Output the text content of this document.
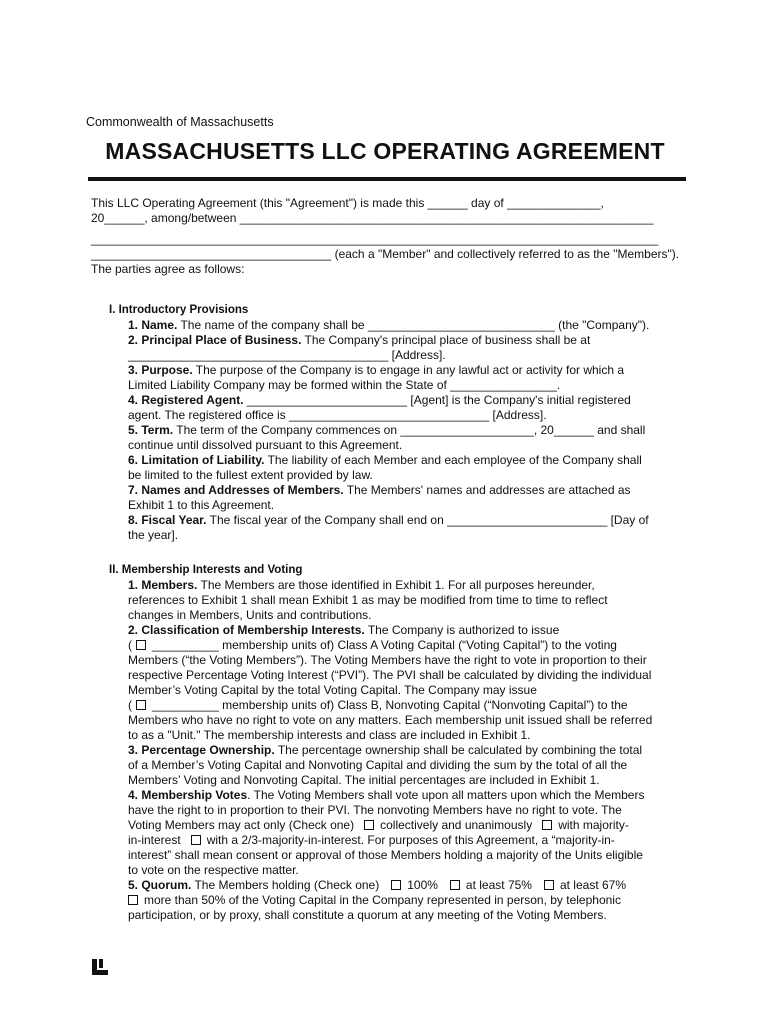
Commonwealth of Massachusetts
MASSACHUSETTS LLC OPERATING AGREEMENT

This LLC Operating Agreement (this "Agreement") is made this ______ day of ______________,

20______, among/between ______________________________________________________________

_____________________________________________________________________________________

____________________________________ (each a "Member" and collectively referred to as the "Members").

The parties agree as follows:

I. Introductory Provisions
1. Name. The name of the company shall be ____________________________ (the "Company").
2. Principal Place of Business. The Company's principal place of business shall be at
_______________________________________ [Address].
3. Purpose. The purpose of the Company is to engage in any lawful act or activity for which a
Limited Liability Company may be formed within the State of ________________.
4. Registered Agent. ________________________ [Agent] is the Company's initial registered
agent. The registered office is ______________________________ [Address].
5. Term. The term of the Company commences on ____________________, 20______ and shall
continue until dissolved pursuant to this Agreement.
6. Limitation of Liability. The liability of each Member and each employee of the Company shall
be limited to the fullest extent provided by law.
7. Names and Addresses of Members. The Members' names and addresses are attached as
Exhibit 1 to this Agreement.
8. Fiscal Year. The fiscal year of the Company shall end on ________________________ [Day of
the year].
II. Membership Interests and Voting
1. Members. The Members are those identified in Exhibit 1. For all purposes hereunder,
references to Exhibit 1 shall mean Exhibit 1 as may be modified from time to time to reflect
changes in Members, Units and contributions.
2. Classification of Membership Interests. The Company is authorized to issue
( __________ membership units of) Class A Voting Capital (“Voting Capital”) to the voting
Members (“the Voting Members”). The Voting Members have the right to vote in proportion to their
respective Percentage Voting Interest (“PVI”). The PVI shall be calculated by dividing the individual
Member’s Voting Capital by the total Voting Capital. The Company may issue
( __________ membership units of) Class B, Nonvoting Capital (“Nonvoting Capital”) to the
Members who have no right to vote on any matters. Each membership unit issued shall be referred
to as a "Unit." The membership interests and class are included in Exhibit 1.
3. Percentage Ownership. The percentage ownership shall be calculated by combining the total
of a Member’s Voting Capital and Nonvoting Capital and dividing the sum by the total of all the
Members’ Voting and Nonvoting Capital. The initial percentages are included in Exhibit 1.
4. Membership Votes. The Voting Members shall vote upon all matters upon which the Members
have the right to in proportion to their PVI. The nonvoting Members have no right to vote. The
Voting Members may act only (Check one) collectively and unanimously with majority-
in-interest with a 2/3-majority-in-interest. For purposes of this Agreement, a “majority-in-
interest” shall mean consent or approval of those Members holding a majority of the Units eligible
to vote on the respective matter.
5. Quorum. The Members holding (Check one) 100% at least 75% at least 67%
more than 50% of the Voting Capital in the Company represented in person, by telephonic
participation, or by proxy, shall constitute a quorum at any meeting of the Voting Members.
